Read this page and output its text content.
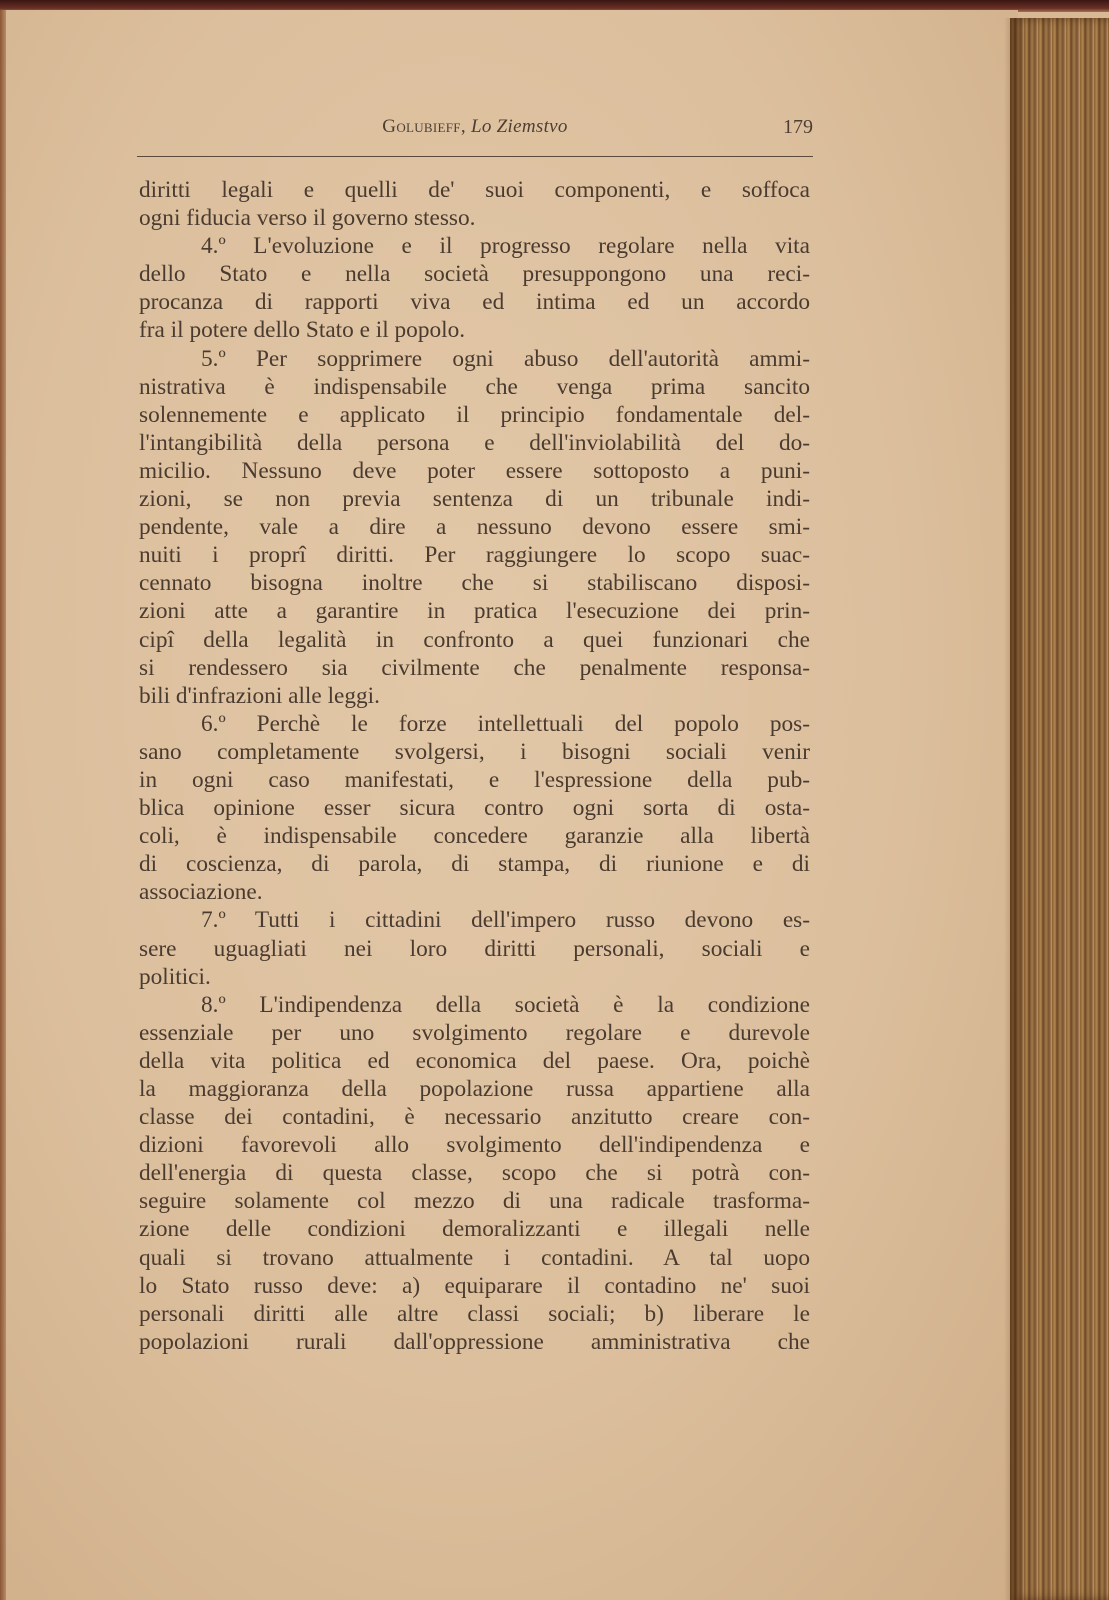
Golubieff, Lo Ziemstvo	179
diritti legali e quelli de' suoi componenti, e soffoca
ogni fiducia verso il governo stesso.
4.º L'evoluzione e il progresso regolare nella vita
dello Stato e nella società presuppongono una reci-
procanza di rapporti viva ed intima ed un accordo
fra il potere dello Stato e il popolo.
5.º Per sopprimere ogni abuso dell'autorità ammi-
nistrativa è indispensabile che venga prima sancito
solennemente e applicato il principio fondamentale del-
l'intangibilità della persona e dell'inviolabilità del do-
micilio. Nessuno deve poter essere sottoposto a puni-
zioni, se non previa sentenza di un tribunale indi-
pendente, vale a dire a nessuno devono essere smi-
nuiti i proprî diritti. Per raggiungere lo scopo suac-
cennato bisogna inoltre che si stabiliscano disposi-
zioni atte a garantire in pratica l'esecuzione dei prin-
cipî della legalità in confronto a quei funzionari che
si rendessero sia civilmente che penalmente responsa-
bili d'infrazioni alle leggi.
6.º Perchè le forze intellettuali del popolo pos-
sano completamente svolgersi, i bisogni sociali venir
in ogni caso manifestati, e l'espressione della pub-
blica opinione esser sicura contro ogni sorta di osta-
coli, è indispensabile concedere garanzie alla libertà
di coscienza, di parola, di stampa, di riunione e di
associazione.
7.º Tutti i cittadini dell'impero russo devono es-
sere uguagliati nei loro diritti personali, sociali e
politici.
8.º L'indipendenza della società è la condizione
essenziale per uno svolgimento regolare e durevole
della vita politica ed economica del paese. Ora, poichè
la maggioranza della popolazione russa appartiene alla
classe dei contadini, è necessario anzitutto creare con-
dizioni favorevoli allo svolgimento dell'indipendenza e
dell'energia di questa classe, scopo che si potrà con-
seguire solamente col mezzo di una radicale trasforma-
zione delle condizioni demoralizzanti e illegali nelle
quali si trovano attualmente i contadini. A tal uopo
lo Stato russo deve: a) equiparare il contadino ne' suoi
personali diritti alle altre classi sociali; b) liberare le
popolazioni rurali dall'oppressione amministrativa che
